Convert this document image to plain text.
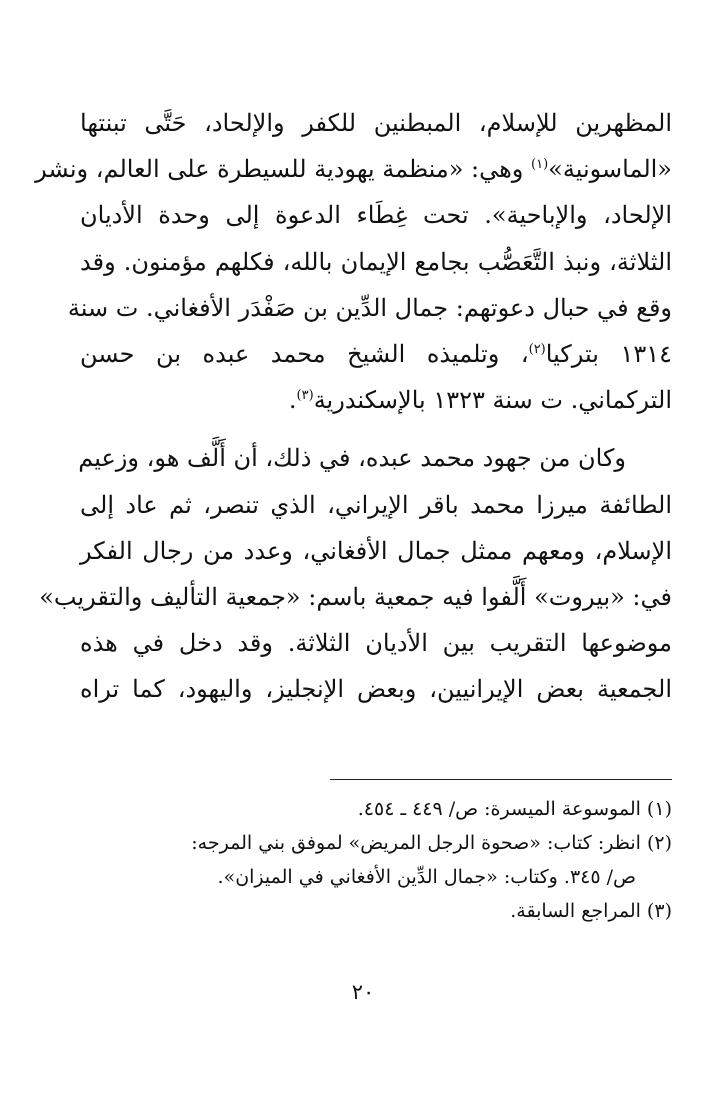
المظهرين للإسلام، المبطنين للكفر والإلحاد، حَتَّى تبنتها
«الماسونية»$^{(١)}$ وهي: «منظمة يهودية للسيطرة على العالم، ونشر
الإلحاد، والإباحية». تحت غِطَاء الدعوة إلى وحدة الأديان
الثلاثة، ونبذ التَّعَصُّب بجامع الإيمان بالله، فكلهم مؤمنون. وقد
وقع في حبال دعوتهم: جمال الدِّين بن صَفْدَر الأفغاني. ت سنة
١٣١٤ بتركيا$^{(٢)}$، وتلميذه الشيخ محمد عبده بن حسن
التركماني. ت سنة ١٣٢٣ بالإسكندرية$^{(٣)}$.

وكان من جهود محمد عبده، في ذلك، أن أَلَّف هو، وزعيم
الطائفة ميرزا محمد باقر الإيراني، الذي تنصر، ثم عاد إلى
الإسلام، ومعهم ممثل جمال الأفغاني، وعدد من رجال الفكر
في: «بيروت» أَلَّفوا فيه جمعية باسم: «جمعية التأليف والتقريب»
موضوعها التقريب بين الأديان الثلاثة. وقد دخل في هذه
الجمعية بعض الإيرانيين، وبعض الإنجليز، واليهود، كما تراه

(١) الموسوعة الميسرة: ص/ ٤٤٩ ـ ٤٥٤.
(٢) انظر: كتاب: «صحوة الرجل المريض» لموفق بني المرجه:
ص/ ٣٤٥. وكتاب: «جمال الدِّين الأفغاني في الميزان».
(٣) المراجع السابقة.
٢٠
